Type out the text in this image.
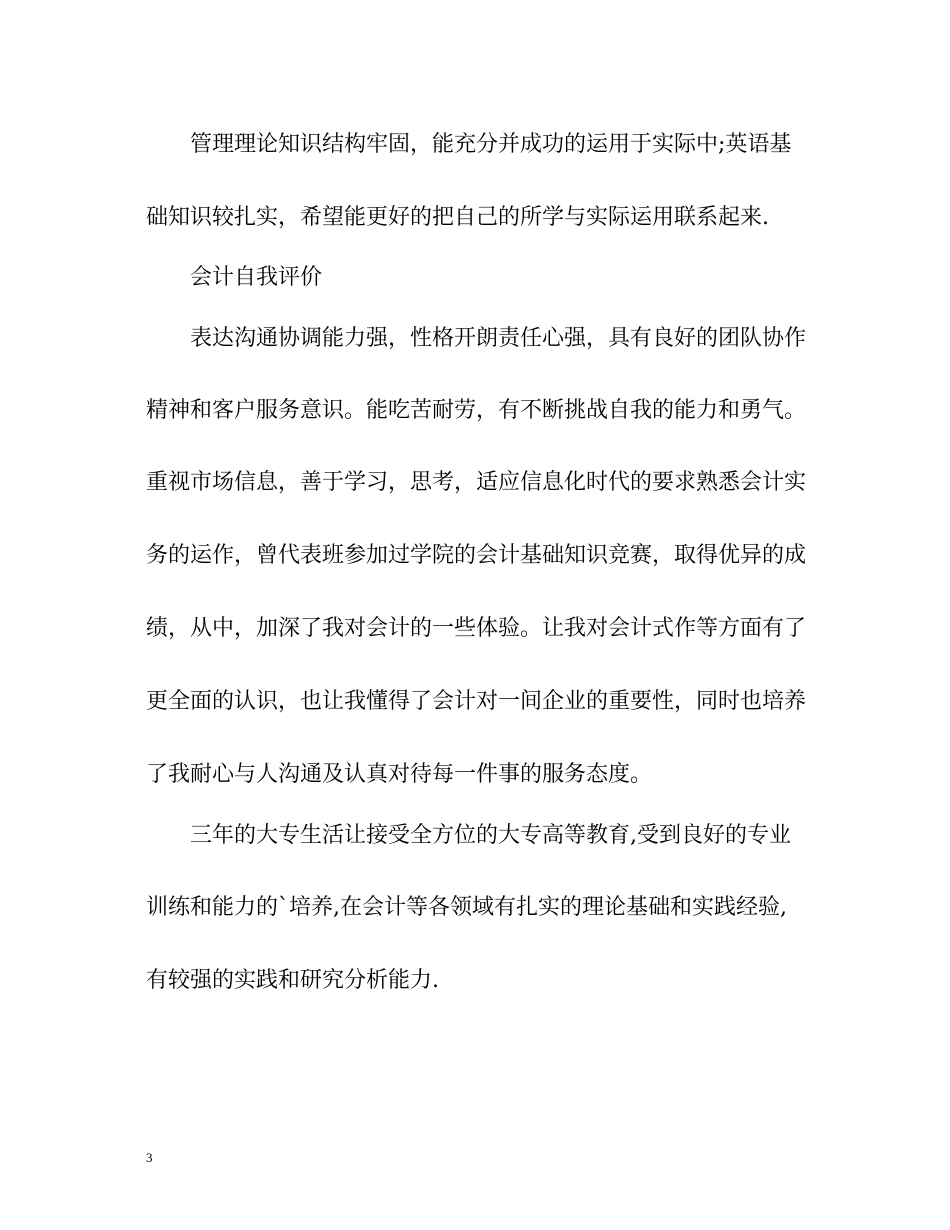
管理理论知识结构牢固，能充分并成功的运用于实际中;英语基

础知识较扎实，希望能更好的把自己的所学与实际运用联系起来.

会计自我评价

表达沟通协调能力强，性格开朗责任心强，具有良好的团队协作

精神和客户服务意识。能吃苦耐劳，有不断挑战自我的能力和勇气。

重视市场信息，善于学习，思考，适应信息化时代的要求熟悉会计实

务的运作，曾代表班参加过学院的会计基础知识竞赛，取得优异的成

绩，从中，加深了我对会计的一些体验。让我对会计式作等方面有了

更全面的认识，也让我懂得了会计对一间企业的重要性，同时也培养

了我耐心与人沟通及认真对待每一件事的服务态度。

三年的大专生活让接受全方位的大专高等教育,受到良好的专业

训练和能力的`培养,在会计等各领域有扎实的理论基础和实践经验,

有较强的实践和研究分析能力.

3
